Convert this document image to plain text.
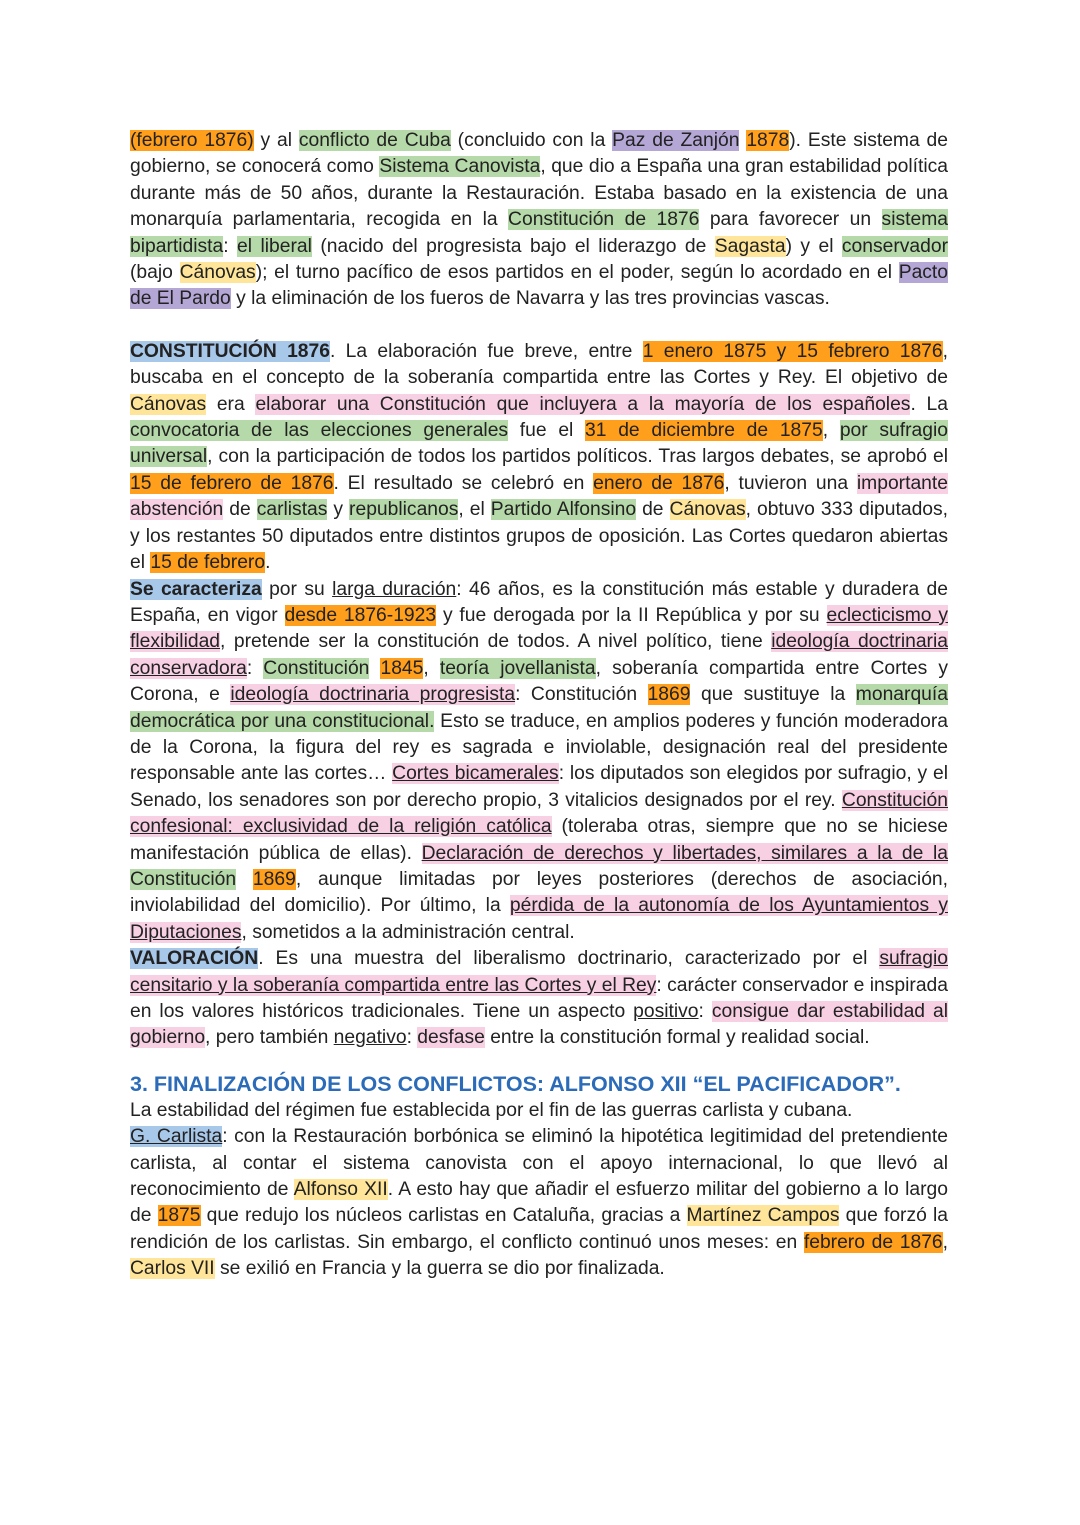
(febrero 1876) y al conflicto de Cuba (concluido con la Paz de Zanjón 1878). Este sistema de gobierno, se conocerá como Sistema Canovista, que dio a España una gran estabilidad política durante más de 50 años, durante la Restauración. Estaba basado en la existencia de una monarquía parlamentaria, recogida en la Constitución de 1876 para favorecer un sistema bipartidista: el liberal (nacido del progresista bajo el liderazgo de Sagasta) y el conservador (bajo Cánovas); el turno pacífico de esos partidos en el poder, según lo acordado en el Pacto de El Pardo y la eliminación de los fueros de Navarra y las tres provincias vascas.

CONSTITUCIÓN 1876. La elaboración fue breve, entre 1 enero 1875 y 15 febrero 1876, buscaba en el concepto de la soberanía compartida entre las Cortes y Rey. El objetivo de Cánovas era elaborar una Constitución que incluyera a la mayoría de los españoles. La convocatoria de las elecciones generales fue el 31 de diciembre de 1875, por sufragio universal, con la participación de todos los partidos políticos. Tras largos debates, se aprobó el 15 de febrero de 1876. El resultado se celebró en enero de 1876, tuvieron una importante abstención de carlistas y republicanos, el Partido Alfonsino de Cánovas, obtuvo 333 diputados, y los restantes 50 diputados entre distintos grupos de oposición. Las Cortes quedaron abiertas el 15 de febrero.

Se caracteriza por su larga duración: 46 años, es la constitución más estable y duradera de España, en vigor desde 1876-1923 y fue derogada por la II República y por su eclecticismo y flexibilidad, pretende ser la constitución de todos. A nivel político, tiene ideología doctrinaria conservadora: Constitución 1845, teoría jovellanista, soberanía compartida entre Cortes y Corona, e ideología doctrinaria progresista: Constitución 1869 que sustituye la monarquía democrática por una constitucional. Esto se traduce, en amplios poderes y función moderadora de la Corona, la figura del rey es sagrada e inviolable, designación real del presidente responsable ante las cortes… Cortes bicamerales: los diputados son elegidos por sufragio, y el Senado, los senadores son por derecho propio, 3 vitalicios designados por el rey. Constitución confesional: exclusividad de la religión católica (toleraba otras, siempre que no se hiciese manifestación pública de ellas). Declaración de derechos y libertades, similares a la de la Constitución 1869, aunque limitadas por leyes posteriores (derechos de asociación, inviolabilidad del domicilio). Por último, la pérdida de la autonomía de los Ayuntamientos y Diputaciones, sometidos a la administración central.

VALORACIÓN. Es una muestra del liberalismo doctrinario, caracterizado por el sufragio censitario y la soberanía compartida entre las Cortes y el Rey: carácter conservador e inspirada en los valores históricos tradicionales. Tiene un aspecto positivo: consigue dar estabilidad al gobierno, pero también negativo: desfase entre la constitución formal y realidad social.

3. FINALIZACIÓN DE LOS CONFLICTOS: ALFONSO XII “EL PACIFICADOR”.

La estabilidad del régimen fue establecida por el fin de las guerras carlista y cubana.

G. Carlista: con la Restauración borbónica se eliminó la hipotética legitimidad del pretendiente carlista, al contar el sistema canovista con el apoyo internacional, lo que llevó al reconocimiento de Alfonso XII. A esto hay que añadir el esfuerzo militar del gobierno a lo largo de 1875 que redujo los núcleos carlistas en Cataluña, gracias a Martínez Campos que forzó la rendición de los carlistas. Sin embargo, el conflicto continuó unos meses: en febrero de 1876, Carlos VII se exilió en Francia y la guerra se dio por finalizada.
